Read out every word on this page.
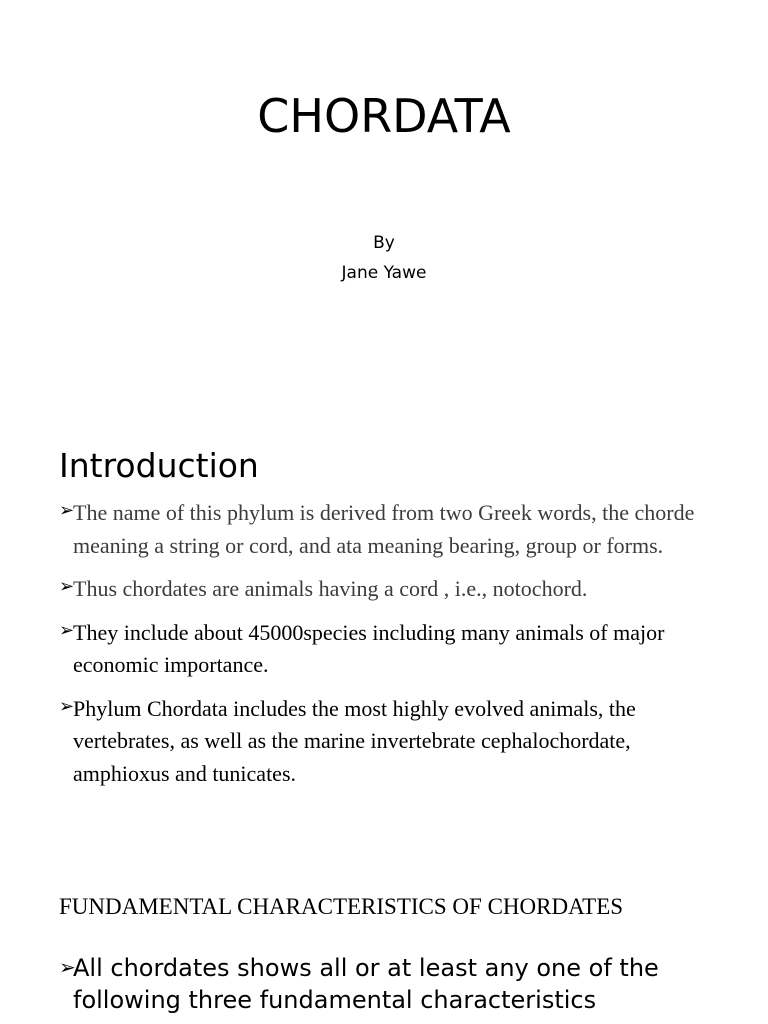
CHORDATA
By
Jane Yawe
Introduction
➢
The name of this phylum is derived from two Greek words, the chorde meaning a string or cord, and ata meaning bearing, group or forms.
➢
Thus chordates are animals having a cord , i.e., notochord.
➢
They include about 45000species including many animals of major economic importance.
➢
Phylum Chordata includes the most highly evolved animals, the vertebrates, as well as the marine invertebrate cephalochordate, amphioxus and tunicates.
FUNDAMENTAL CHARACTERISTICS OF CHORDATES

➢
All chordates shows all or at least any one of the following three fundamental characteristics
